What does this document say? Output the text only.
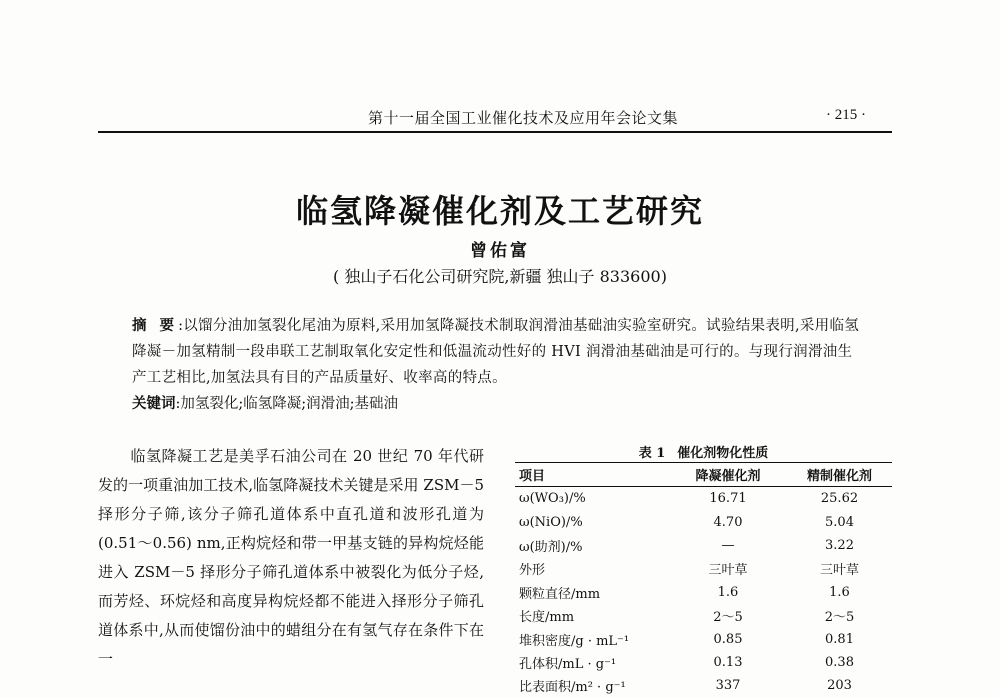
第十一届全国工业催化技术及应用年会论文集	· 215 ·
临氢降凝催化剂及工艺研究
曾佑富
( 独山子石化公司研究院,新疆 独山子 833600)
摘 要:以馏分油加氢裂化尾油为原料,采用加氢降凝技术制取润滑油基础油实验室研究。试验结果表明,采用临氢降凝－加氢精制一段串联工艺制取氧化安定性和低温流动性好的 HVI 润滑油基础油是可行的。与现行润滑油生产工艺相比,加氢法具有目的产品质量好、收率高的特点。
关键词:加氢裂化;临氢降凝;润滑油;基础油
临氢降凝工艺是美孚石油公司在 20 世纪 70 年代研发的一项重油加工技术,临氢降凝技术关键是采用 ZSM－5 择形分子筛,该分子筛孔道体系中直孔道和波形孔道为(0.51～0.56) nm,正构烷烃和带一甲基支链的异构烷烃能进入 ZSM－5 择形分子筛孔道体系中被裂化为低分子烃,而芳烃、环烷烃和高度异构烷烃都不能进入择形分子筛孔道体系中,从而使馏份油中的蜡组分在有氢气存在条件下在一
表 1 催化剂物化性质
项目	降凝催化剂	精制催化剂
ω(WO₃)/%	16.71	25.62
ω(NiO)/%	4.70	5.04
ω(助剂)/%	—	3.22
外形	三叶草	三叶草
颗粒直径/mm	1.6	1.6
长度/mm	2～5	2～5
堆积密度/g · mL⁻¹	0.85	0.81
孔体积/mL · g⁻¹	0.13	0.38
比表面积/m² · g⁻¹	337	203
